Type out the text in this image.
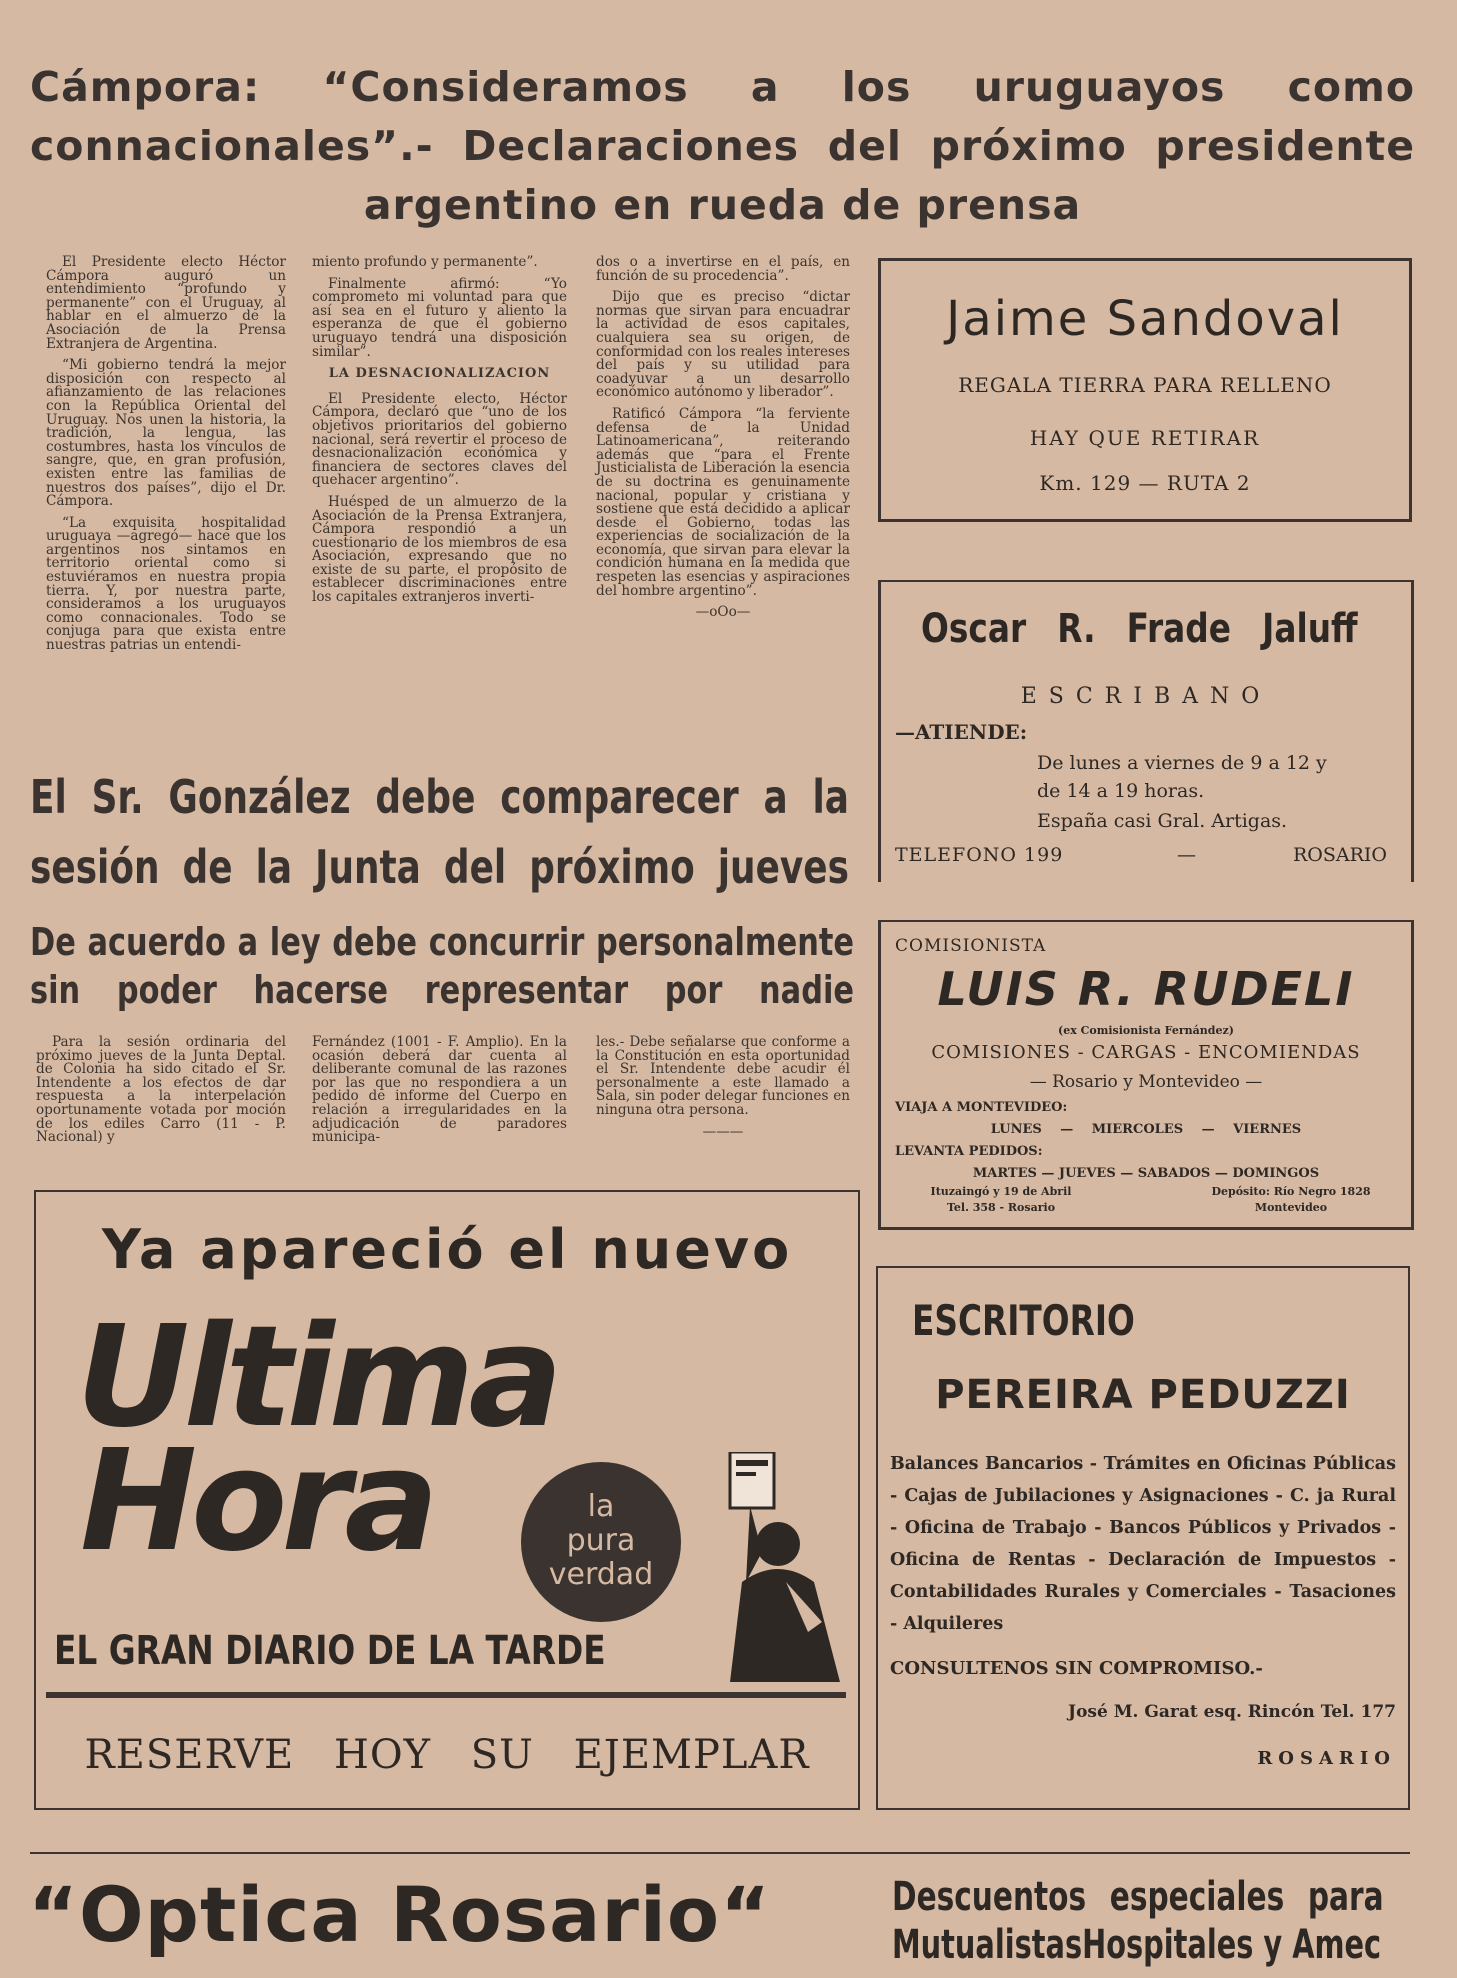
Cámpora: “Consideramos a los uruguayos como connacionales”.- Declaraciones del próximo presidente argentino en rueda de prensa

El Presidente electo Héctor Cámpora auguró un entendimiento “profundo y permanente” con el Uruguay, al hablar en el almuerzo de la Asociación de la Prensa Extranjera de Argentina.

“Mi gobierno tendrá la mejor disposición con respecto al afianzamiento de las relaciones con la República Oriental del Uruguay. Nos unen la historia, la tradición, la lengua, las costumbres, hasta los vínculos de sangre, que, en gran profusión, existen entre las familias de nuestros dos países”, dijo el Dr. Cámpora.

“La exquisita hospitalidad uruguaya —agregó— hace que los argentinos nos sintamos en territorio oriental como si estuviéramos en nuestra propia tierra. Y, por nuestra parte, consideramos a los uruguayos como connacionales. Todo se conjuga para que exista entre nuestras patrias un entendi-

miento profundo y permanente”.

Finalmente afirmó: “Yo comprometo mi voluntad para que así sea en el futuro y aliento la esperanza de que el gobierno uruguayo tendrá una disposición similar”.

LA DESNACIONALIZACION

El Presidente electo, Héctor Cámpora, declaró que “uno de los objetivos prioritarios del gobierno nacional, será revertir el proceso de desnacionalización económica y financiera de sectores claves del quehacer argentino”.

Huésped de un almuerzo de la Asociación de la Prensa Extranjera, Cámpora respondió a un cuestionario de los miembros de esa Asociación, expresando que no existe de su parte, el propósito de establecer discriminaciones entre los capitales extranjeros inverti-

dos o a invertirse en el país, en función de su procedencia”.

Dijo que es preciso “dictar normas que sirvan para encuadrar la actividad de esos capitales, cualquiera sea su origen, de conformidad con los reales intereses del país y su utilidad para coadyuvar a un desarrollo económico autónomo y liberador”.

Ratificó Cámpora “la ferviente defensa de la Unidad Latinoamericana”, reiterando además que “para el Frente Justicialista de Liberación la esencia de su doctrina es genuinamente nacional, popular y cristiana y sostiene que está decidido a aplicar desde el Gobierno, todas las experiencias de socialización de la economía, que sirvan para elevar la condición humana en la medida que respeten las esencias y aspiraciones del hombre argentino”.

—oOo—

El Sr. González debe comparecer a la sesión de la Junta del próximo jueves
De acuerdo a ley debe concurrir personalmente sin poder hacerse representar por nadie

Para la sesión ordinaria del próximo jueves de la Junta Deptal. de Colonia ha sido citado el Sr. Intendente a los efectos de dar respuesta a la interpelación oportunamente votada por moción de los ediles Carro (11 - P. Nacional) y

Fernández (1001 - F. Amplio). En la ocasión deberá dar cuenta al deliberante comunal de las razones por las que no respondiera a un pedido de informe del Cuerpo en relación a irregularidades en la adjudicación de paradores municipa-

les.- Debe señalarse que conforme a la Constitución en esta oportunidad el Sr. Intendente debe acudir él personalmente a este llamado a Sala, sin poder delegar funciones en ninguna otra persona.

———

Jaime Sandoval
REGALA TIERRA PARA RELLENO
HAY QUE RETIRAR
Km. 129 — RUTA 2
Oscar R. Frade Jaluff
ESCRIBANO
—ATIENDE:
De lunes a viernes de 9 a 12 y
de 14 a 19 horas.
España casi Gral. Artigas.
TELEFONO 199	—	ROSARIO
COMISIONISTA
LUIS R. RUDELI
(ex Comisionista Fernández)
COMISIONES - CARGAS - ENCOMIENDAS
— Rosario y Montevideo —
VIAJA A MONTEVIDEO:
LUNES — MIERCOLES — VIERNES
LEVANTA PEDIDOS:
MARTES — JUEVES — SABADOS — DOMINGOS
Ituzaingó y 19 de Abril
Tel. 358 - Rosario
Depósito: Río Negro 1828
Montevideo
Ya apareció el nuevo
Ultima
Hora	la
pura
verdad
EL GRAN DIARIO DE LA TARDE
RESERVE HOY SU EJEMPLAR
ESCRITORIO
PEREIRA PEDUZZI
Balances Bancarios - Trámites en Oficinas Públicas - Cajas de Jubilaciones y Asignaciones - C. ja Rural - Oficina de Trabajo - Bancos Públicos y Privados - Oficina de Rentas - Declaración de Impuestos - Contabilidades Rurales y Comerciales - Tasaciones - Alquileres
CONSULTENOS SIN COMPROMISO.-
José M. Garat esq. Rincón Tel. 177
ROSARIO
“Optica Rosario“	Descuentos especiales para
MutualistasHospitales y Amec
